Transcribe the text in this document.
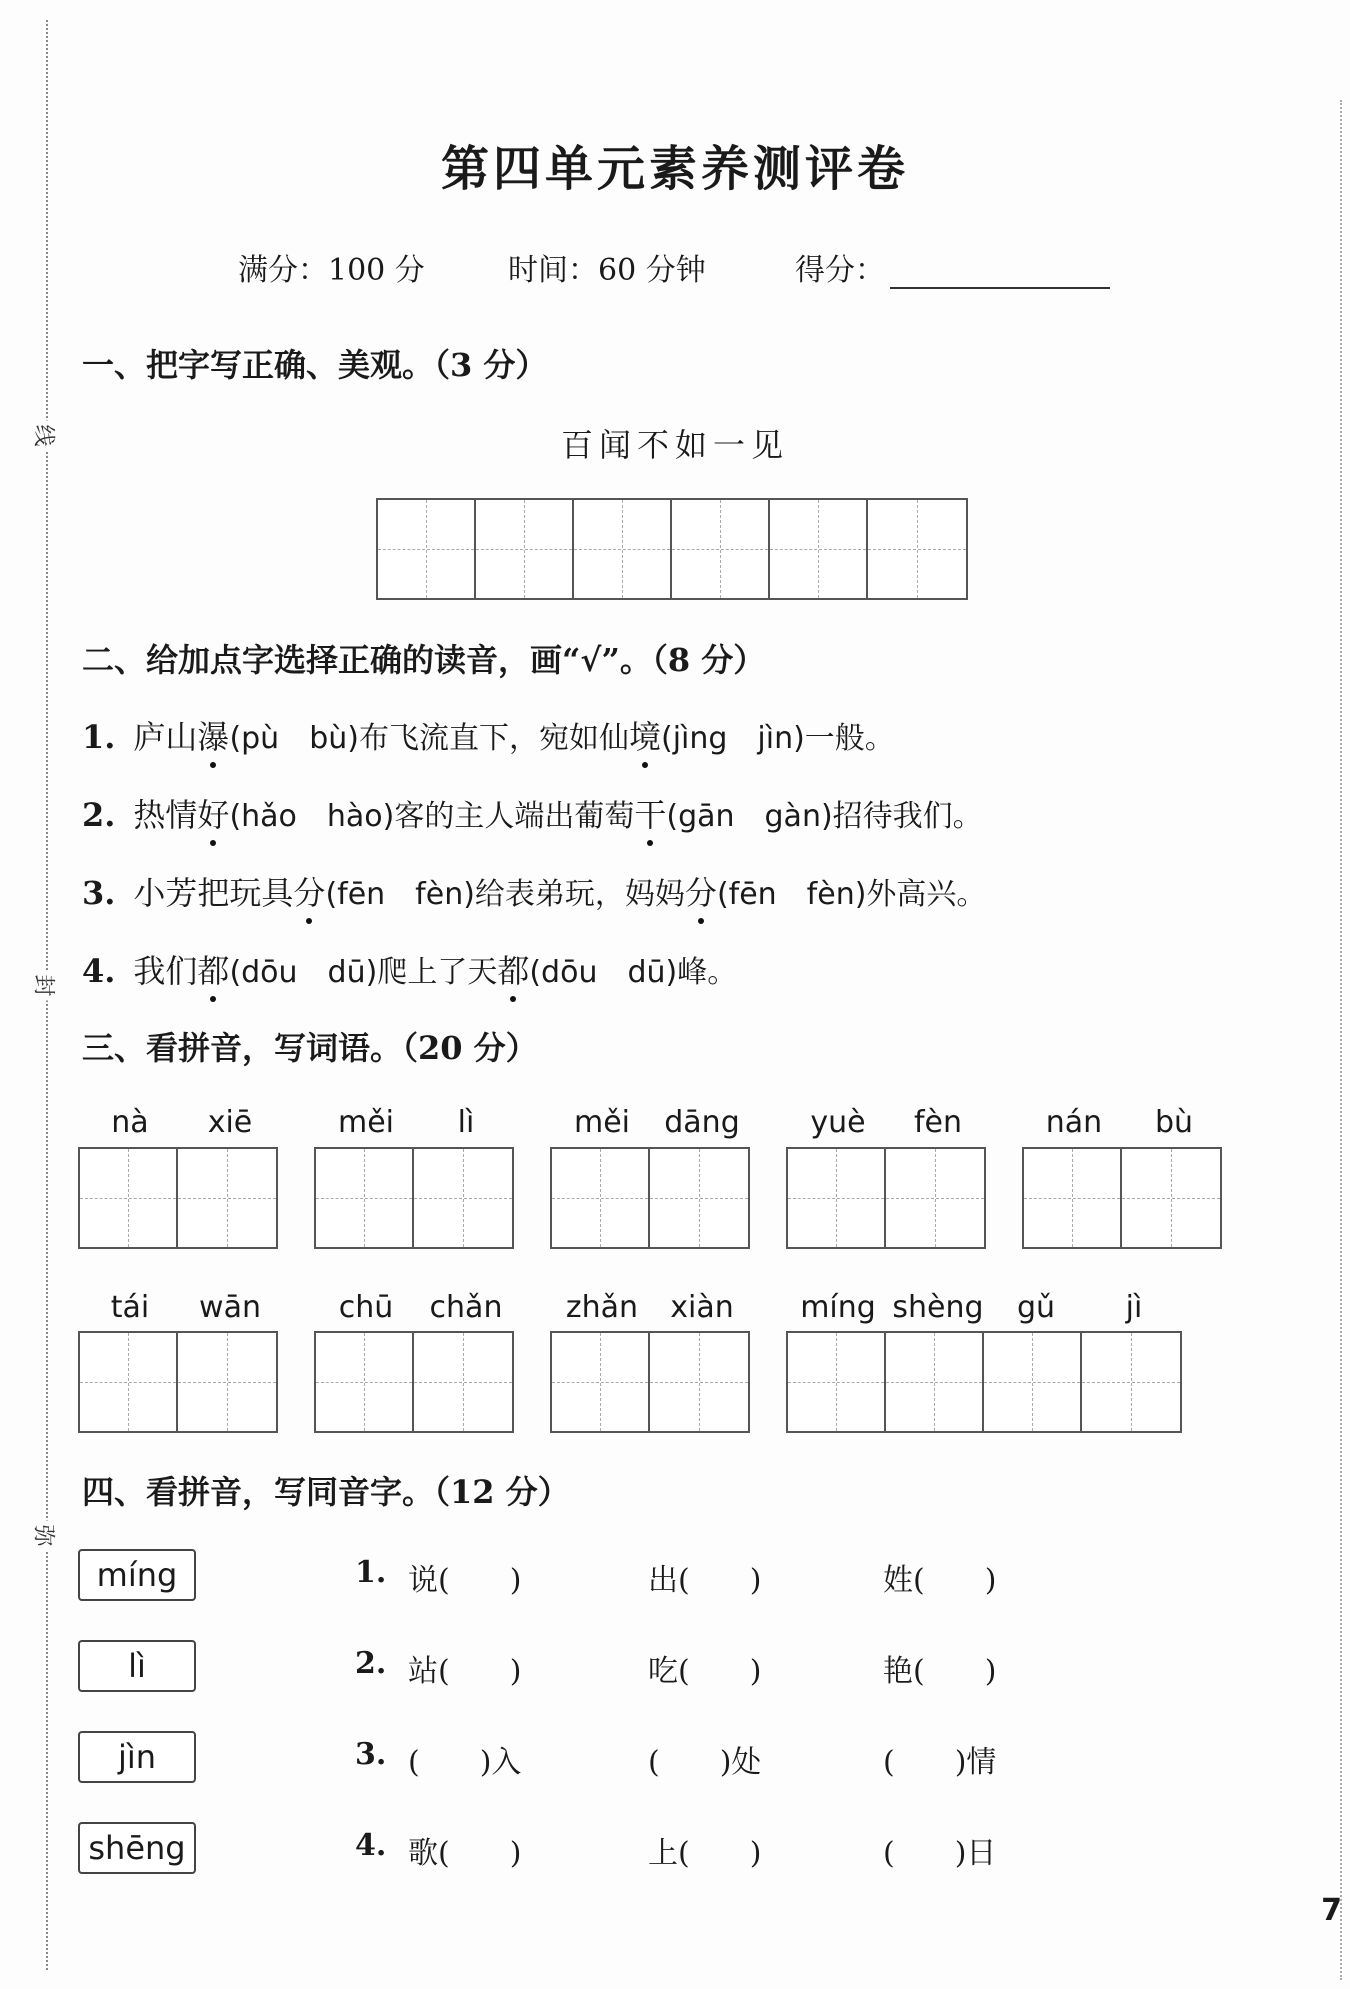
线
封
弥
7
第四单元素养测评卷
满分：100 分	时间：60 分钟	得分：
一、把字写正确、美观。（3 分）
百闻不如一见
二、给加点字选择正确的读音，画“√”。（8 分）
1. 庐山瀑(pù　bù)布飞流直下，宛如仙境(jìng　jìn)一般。
2. 热情好(hǎo　hào)客的主人端出葡萄干(gān　gàn)招待我们。
3. 小芳把玩具分(fēn　fèn)给表弟玩，妈妈分(fēn　fèn)外高兴。
4. 我们都(dōu　dū)爬上了天都(dōu　dū)峰。
三、看拼音，写词语。（20 分）
nà	xiē	měi	lì	měi	dāng	yuè	fèn	nán	bù
tái	wān	chū	chǎn	zhǎn	xiàn	míng shèng	gǔ	jì
四、看拼音，写同音字。（12 分）
míng	1. 说(　　)	出(　　)	姓(　　)
lì	2. 站(　　)	吃(　　)	艳(　　)
jìn	3. (　　)入	(　　)处	(　　)情
shēng	4. 歌(　　)	上(　　)	(　　)日
